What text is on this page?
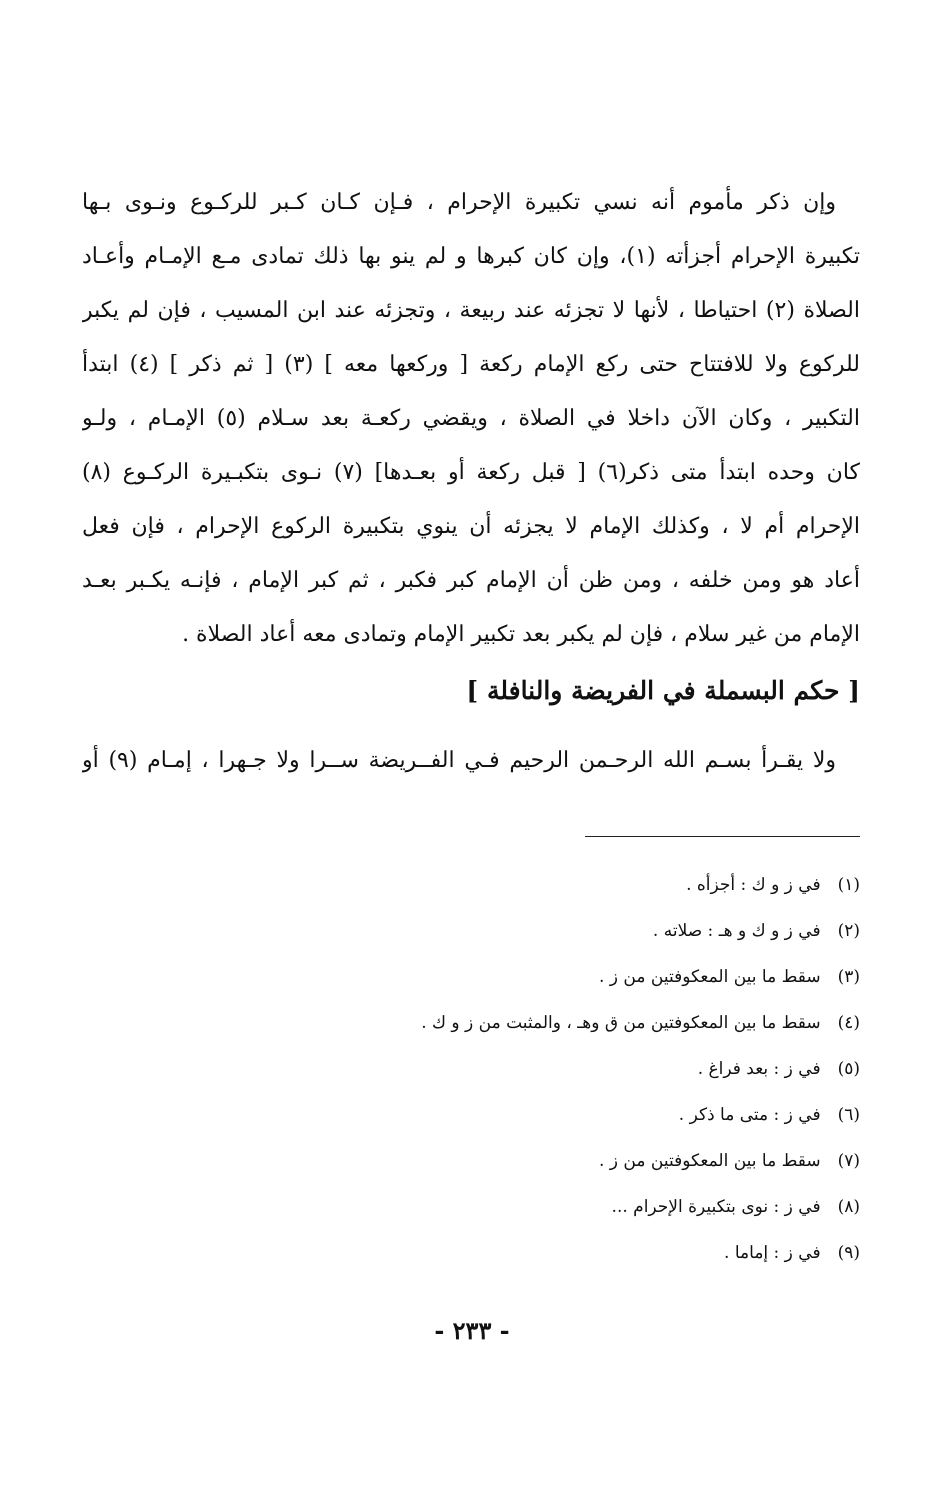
وإن ذكر مأموم أنه نسي تكبيرة الإحرام ، فـإن كـان كـبر للركـوع ونـوى بـها
تكبيرة الإحرام أجزأته (١)، وإن كان كبرها و لم ينو بها ذلك تمادى مـع الإمـام وأعـاد
الصلاة (٢) احتياطا ، لأنها لا تجزئه عند ربيعة ، وتجزئه عند ابن المسيب ، فإن لم يكبر
للركوع ولا للافتتاح حتى ركع الإمام ركعة [ وركعها معه ] (٣) [ ثم ذكر ] (٤) ابتدأ
التكبير ، وكان الآن داخلا في الصلاة ، ويقضي ركعـة بعد سـلام (٥) الإمـام ، ولـو
كان وحده ابتدأ متى ذكر(٦) [ قبل ركعة أو بعـدها] (٧) نـوى بتكبـيرة الركـوع (٨)
الإحرام أم لا ، وكذلك الإمام لا يجزئه أن ينوي بتكبيرة الركوع الإحرام ، فإن فعل
أعاد هو ومن خلفه ، ومن ظن أن الإمام كبر فكبر ، ثم كبر الإمام ، فإنـه يكـبر بعـد
الإمام من غير سلام ، فإن لم يكبر بعد تكبير الإمام وتمادى معه أعاد الصلاة .
[ حكم البسملة في الفريضة والنافلة ]
ولا يقـرأ بسـم الله الرحـمن الرحيم فـي الفــريضة ســرا ولا جـهرا ، إمـام (٩) أو
(١) في ز و ك : أجزأه .
(٢) في ز و ك و هـ : صلاته .
(٣) سقط ما بين المعكوفتين من ز .
(٤) سقط ما بين المعكوفتين من ق وهـ ، والمثبت من ز و ك .
(٥) في ز : بعد فراغ .
(٦) في ز : متى ما ذكر .
(٧) سقط ما بين المعكوفتين من ز .
(٨) في ز : نوى بتكبيرة الإحرام ...
(٩) في ز : إماما .
- ٢٣٣ -
